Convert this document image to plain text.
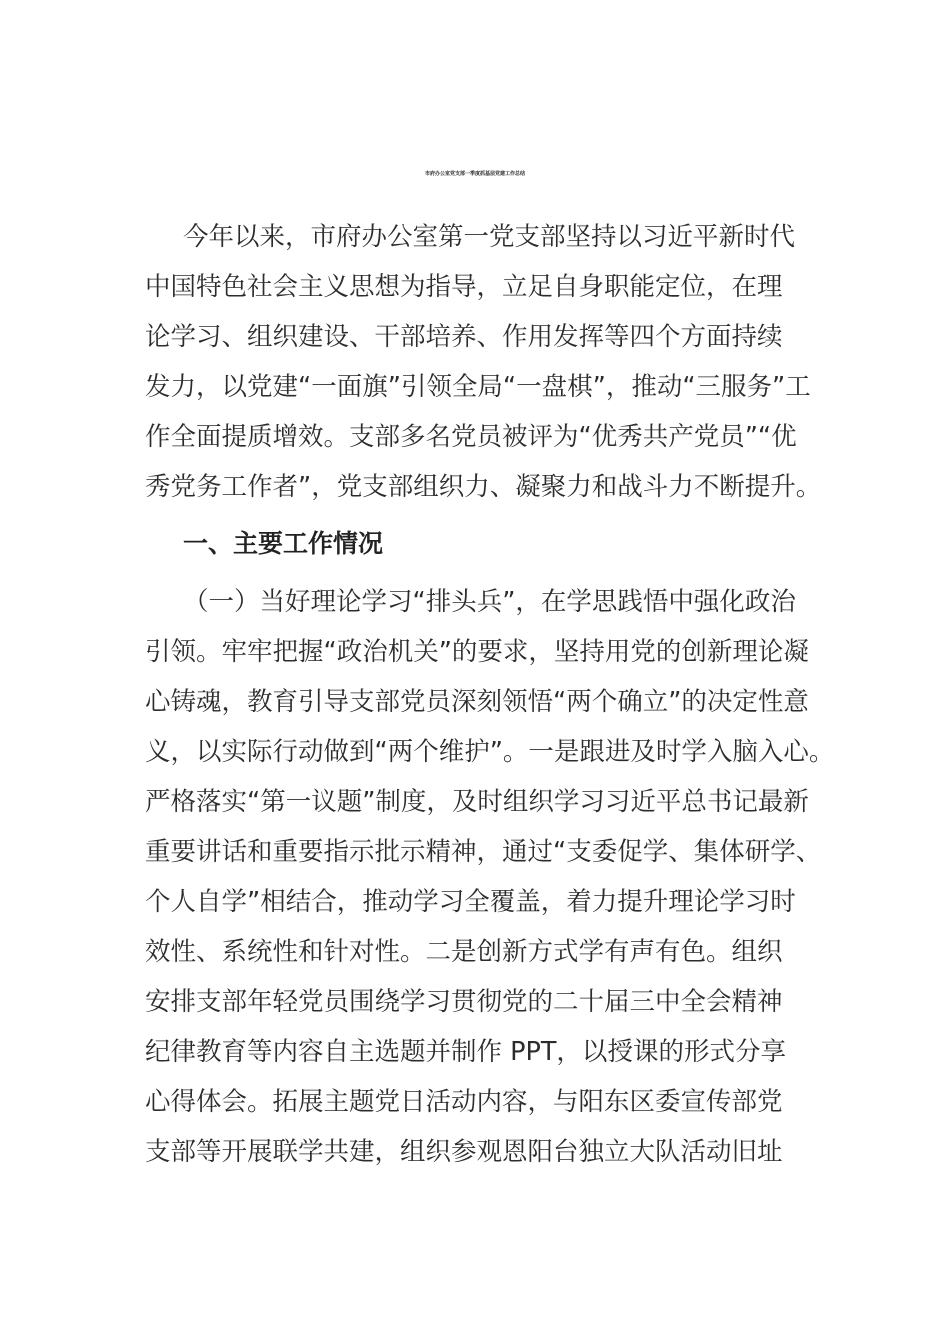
市府办公室党支部一季度抓基层党建工作总结
今年以来，市府办公室第一党支部坚持以习近平新时代
中国特色社会主义思想为指导，立足自身职能定位，在理
论学习、组织建设、干部培养、作用发挥等四个方面持续
发力，以党建“一面旗”引领全局“一盘棋”，推动“三服务”工
作全面提质增效。支部多名党员被评为“优秀共产党员”“优
秀党务工作者”，党支部组织力、凝聚力和战斗力不断提升。
一、主要工作情况
（一）当好理论学习“排头兵”，在学思践悟中强化政治
引领。牢牢把握“政治机关”的要求，坚持用党的创新理论凝
心铸魂，教育引导支部党员深刻领悟“两个确立”的决定性意
义，以实际行动做到“两个维护”。一是跟进及时学入脑入心。
严格落实“第一议题”制度，及时组织学习习近平总书记最新
重要讲话和重要指示批示精神，通过“支委促学、集体研学、
个人自学”相结合，推动学习全覆盖，着力提升理论学习时
效性、系统性和针对性。二是创新方式学有声有色。组织
安排支部年轻党员围绕学习贯彻党的二十届三中全会精神
纪律教育等内容自主选题并制作 PPT，以授课的形式分享
心得体会。拓展主题党日活动内容，与阳东区委宣传部党
支部等开展联学共建，组织参观恩阳台独立大队活动旧址
